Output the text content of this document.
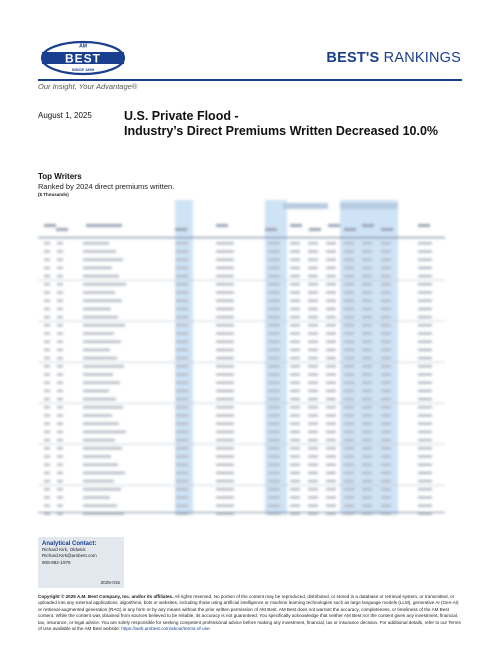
AM
BEST
SINCE 1899
BEST'S RANKINGS
Our Insight, Your Advantage®
August 1, 2025	U.S. Private Flood -
Industry’s Direct Premiums Written Decreased 10.0%
Top Writers
Ranked by 2024 direct premiums written.
($ Thousands)
Analytical Contact:
Richard Kirk, Oldwick
Richard.Kirk@ambest.com
908-882-1976
2025-015
Copyright © 2025 A.M. Best Company, Inc. and/or its affiliates. All rights reserved. No portion of the content may be reproduced, distributed, or stored in a database or retrieval system, or transmitted, or uploaded into any external applications, algorithms, bots or websites, including those using artificial intelligence or machine learning technologies such as large language models (LLM), generative AI (Gen-AI) or retrieval-augmented generation (RAG) in any form or by any means without the prior written permission of AM Best. AM Best does not warrant the accuracy, completeness, or timeliness of the AM Best content. While the content was obtained from sources believed to be reliable, its accuracy is not guaranteed. You specifically acknowledge that neither AM Best nor the content gives any investment, financial, tax, insurance, or legal advice. You are solely responsible for seeking competent professional advice before making any investment, financial, tax or insurance decision. For additional details, refer to our Terms of Use available at the AM Best website: https://web.ambest.com/about/terms-of-use.
